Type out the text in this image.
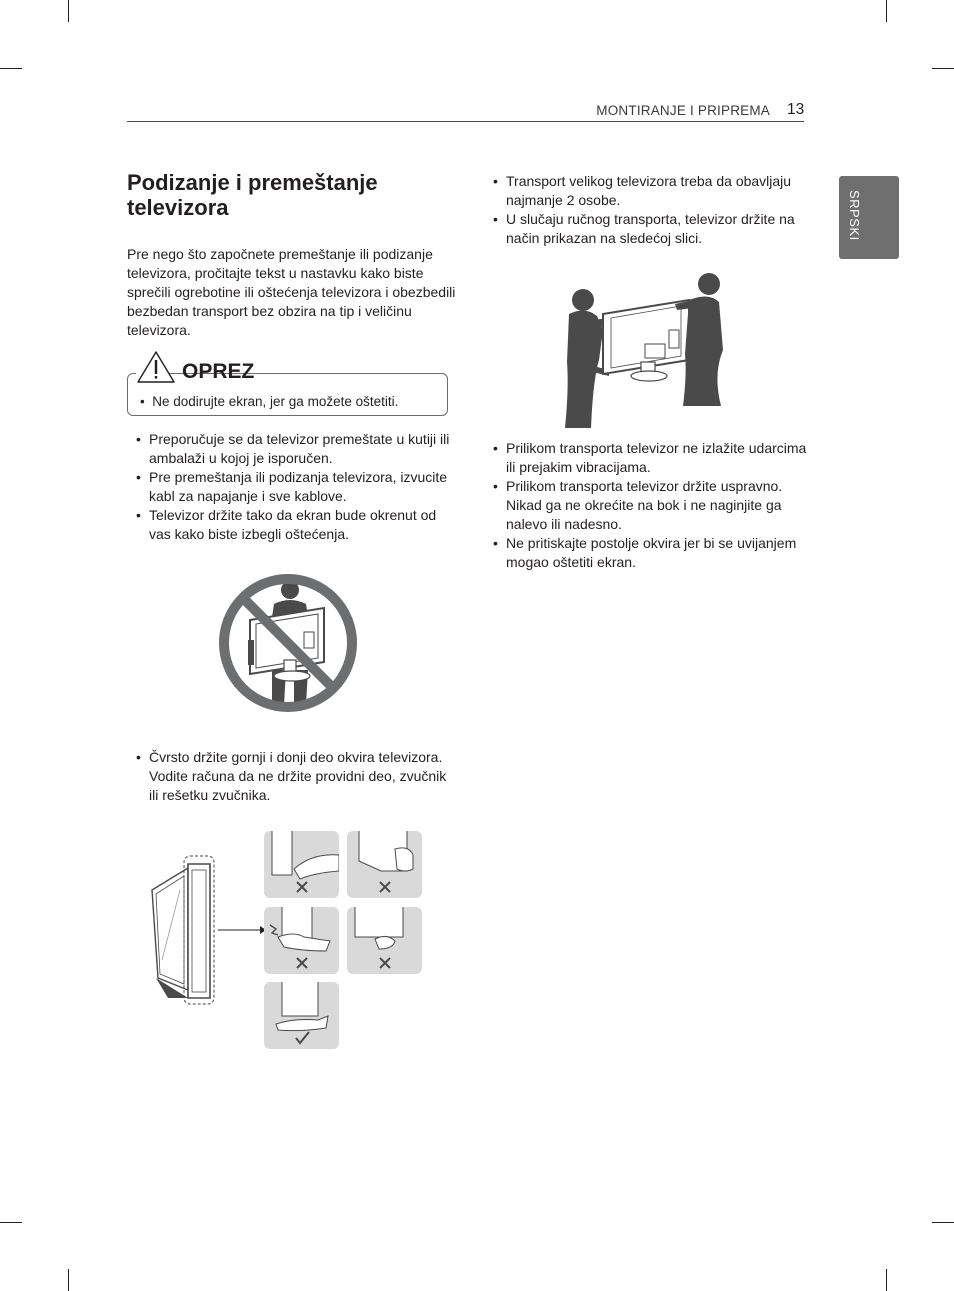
MONTIRANJE I PRIPREMA 13
SRPSKI
Podizanje i premeštanje televizora

Pre nego što započnete premeštanje ili podizanje televizora, pročitajte tekst u nastavku kako biste sprečili ogrebotine ili oštećenja televizora i obezbedili bezbedan transport bez obzira na tip i veličinu televizora.

OPREZ
•  Ne dodirujte ekran, jer ga možete oštetiti.
• Preporučuje se da televizor premeštate u kutiji ili ambalaži u kojoj je isporučen.
• Pre premeštanja ili podizanja televizora, izvucite kabl za napajanje i sve kablove.
• Televizor držite tako da ekran bude okrenut od vas kako biste izbegli oštećenja.
• Čvrsto držite gornji i donji deo okvira televizora. Vodite računa da ne držite providni deo, zvučnik ili rešetku zvučnika.
• Transport velikog televizora treba da obavljaju najmanje 2 osobe.
• U slučaju ručnog transporta, televizor držite na način prikazan na sledećoj slici.
• Prilikom transporta televizor ne izlažite udarcima ili prejakim vibracijama.
• Prilikom transporta televizor držite uspravno. Nikad ga ne okrećite na bok i ne naginjite ga nalevo ili nadesno.
• Ne pritiskajte postolje okvira jer bi se uvijanjem mogao oštetiti ekran.
